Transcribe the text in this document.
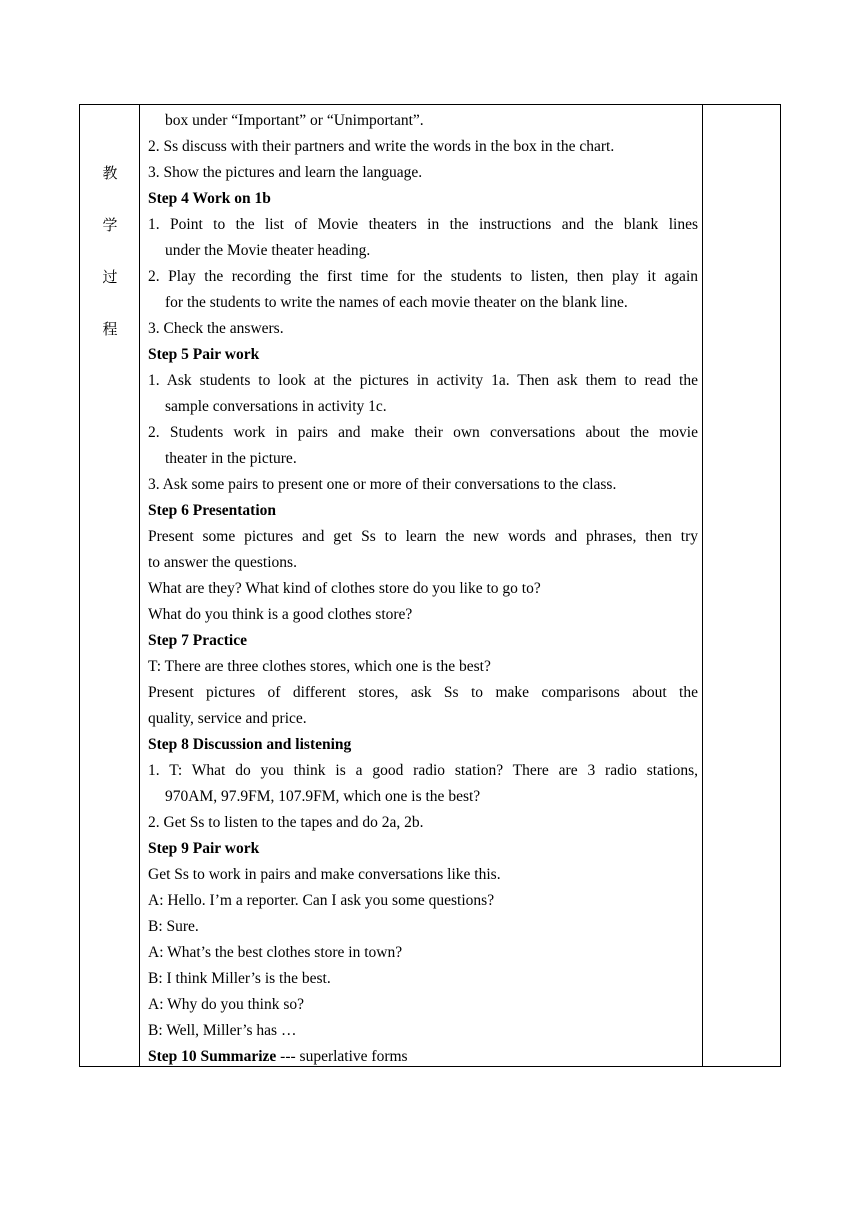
教
学
过
程
box under “Important” or “Unimportant”.
2. Ss discuss with their partners and write the words in the box in the chart.
3. Show the pictures and learn the language.
Step 4 Work on 1b
1. Point to the list of Movie theaters in the instructions and the blank lines
under the Movie theater heading.
2. Play the recording the first time for the students to listen, then play it again
for the students to write the names of each movie theater on the blank line.
3. Check the answers.
Step 5 Pair work
1. Ask students to look at the pictures in activity 1a. Then ask them to read the
sample conversations in activity 1c.
2. Students work in pairs and make their own conversations about the movie
theater in the picture.
3. Ask some pairs to present one or more of their conversations to the class.
Step 6 Presentation
Present some pictures and get Ss to learn the new words and phrases, then try
to answer the questions.
What are they? What kind of clothes store do you like to go to?
What do you think is a good clothes store?
Step 7 Practice
T: There are three clothes stores, which one is the best?
Present pictures of different stores, ask Ss to make comparisons about the
quality, service and price.
Step 8 Discussion and listening
1. T: What do you think is a good radio station? There are 3 radio stations,
970AM, 97.9FM, 107.9FM, which one is the best?
2. Get Ss to listen to the tapes and do 2a, 2b.
Step 9 Pair work
Get Ss to work in pairs and make conversations like this.
A: Hello. I’m a reporter. Can I ask you some questions?
B: Sure.
A: What’s the best clothes store in town?
B: I think Miller’s is the best.
A: Why do you think so?
B: Well, Miller’s has …
Step 10 Summarize --- superlative forms
